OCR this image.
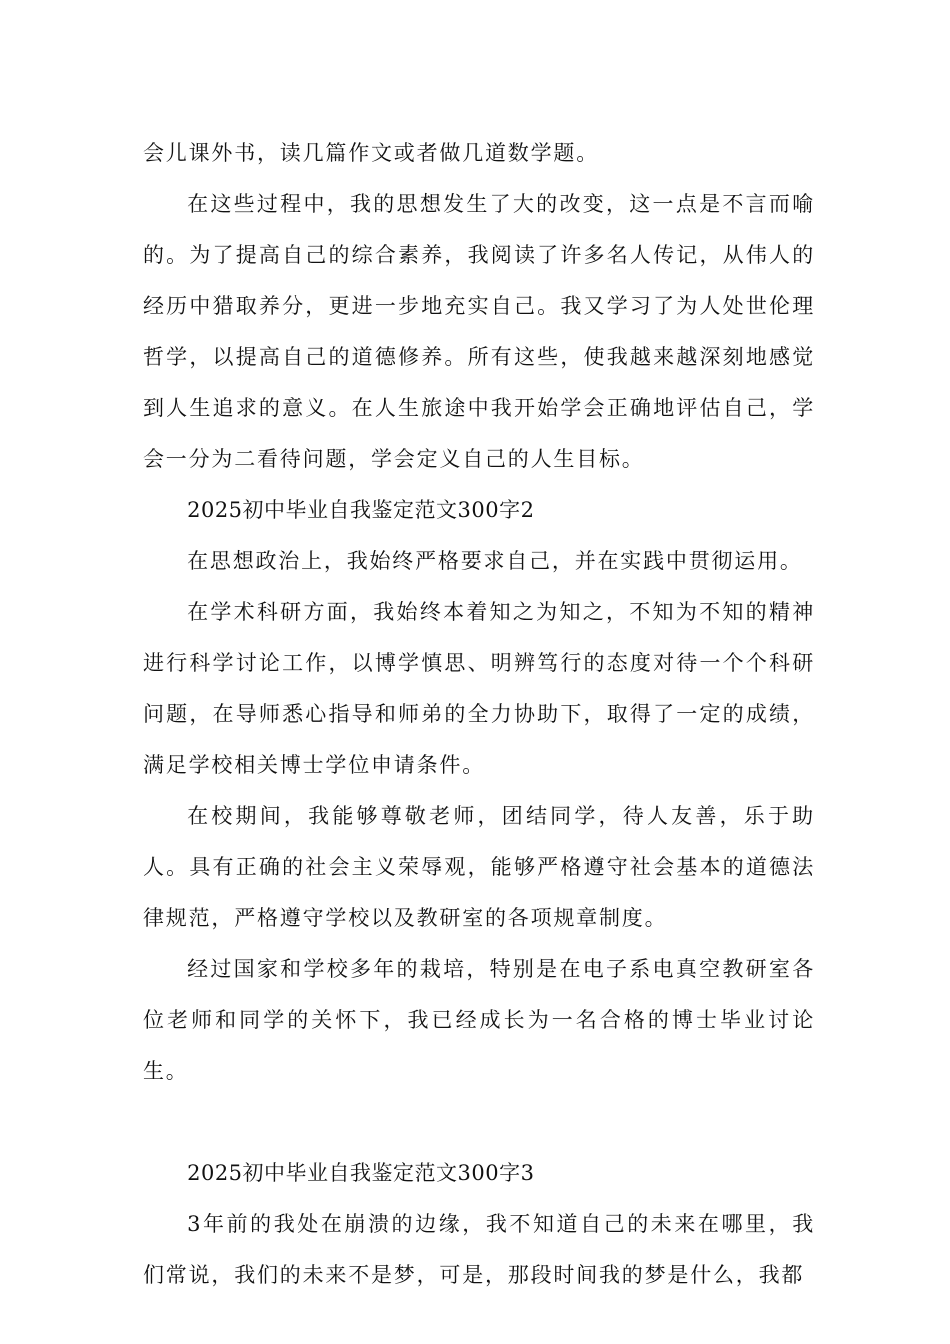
会儿课外书，读几篇作文或者做几道数学题。

在这些过程中，我的思想发生了大的改变，这一点是不言而喻的。为了提高自己的综合素养，我阅读了许多名人传记，从伟人的经历中猎取养分，更进一步地充实自己。我又学习了为人处世伦理哲学，以提高自己的道德修养。所有这些，使我越来越深刻地感觉到人生追求的意义。在人生旅途中我开始学会正确地评估自己，学会一分为二看待问题，学会定义自己的人生目标。

2025初中毕业自我鉴定范文300字2

在思想政治上，我始终严格要求自己，并在实践中贯彻运用。

在学术科研方面，我始终本着知之为知之，不知为不知的精神进行科学讨论工作，以博学慎思、明辨笃行的态度对待一个个科研问题，在导师悉心指导和师弟的全力协助下，取得了一定的成绩，满足学校相关博士学位申请条件。

在校期间，我能够尊敬老师，团结同学，待人友善，乐于助人。具有正确的社会主义荣辱观，能够严格遵守社会基本的道德法律规范，严格遵守学校以及教研室的各项规章制度。

经过国家和学校多年的栽培，特别是在电子系电真空教研室各位老师和同学的关怀下，我已经成长为一名合格的博士毕业讨论生。

2025初中毕业自我鉴定范文300字3

3年前的我处在崩溃的边缘，我不知道自己的未来在哪里，我们常说，我们的未来不是梦，可是，那段时间我的梦是什么，我都
